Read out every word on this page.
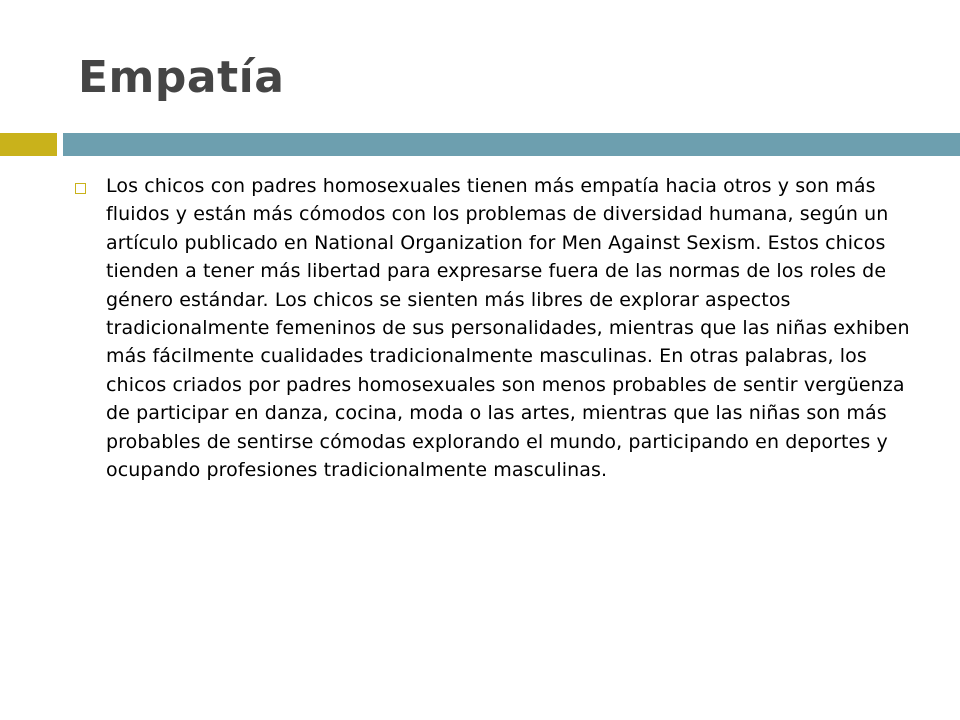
Empatía

Los chicos con padres homosexuales tienen más empatía hacia otros y son más fluidos y están más cómodos con los problemas de diversidad humana, según un artículo publicado en National Organization for Men Against Sexism. Estos chicos tienden a tener más libertad para expresarse fuera de las normas de los roles de género estándar. Los chicos se sienten más libres de explorar aspectos tradicionalmente femeninos de sus personalidades, mientras que las niñas exhiben más fácilmente cualidades tradicionalmente masculinas. En otras palabras, los chicos criados por padres homosexuales son menos probables de sentir vergüenza de participar en danza, cocina, moda o las artes, mientras que las niñas son más probables de sentirse cómodas explorando el mundo, participando en deportes y ocupando profesiones tradicionalmente masculinas.
